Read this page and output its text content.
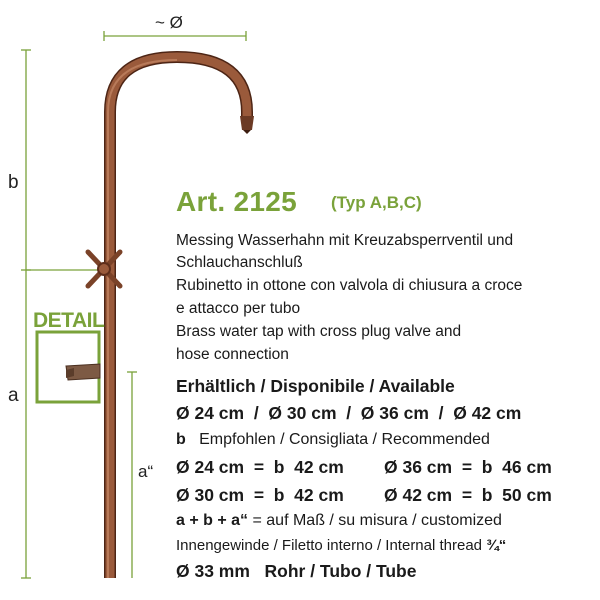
~ Ø
b
a
a“
DETAIL
Art. 2125 (Typ A,B,C)
Messing Wasserhahn mit Kreuzabsperrventil und
Schlauchanschluß
Rubinetto in ottone con valvola di chiusura a croce
e attacco per tubo
Brass water tap with cross plug valve and
hose connection
Erhältlich / Disponibile / Available
Ø 24 cm  /  Ø 30 cm  /  Ø 36 cm  /  Ø 42 cm
b Empfohlen / Consigliata / Recommended
Ø 24 cm  =  b  42 cm Ø 36 cm  =  b  46 cm
Ø 30 cm  =  b  42 cm Ø 42 cm  =  b  50 cm
a + b + a“ = auf Maß / su misura / customized
Innengewinde / Filetto interno / Internal thread ¾“
Ø 33 mm   Rohr / Tubo / Tube
